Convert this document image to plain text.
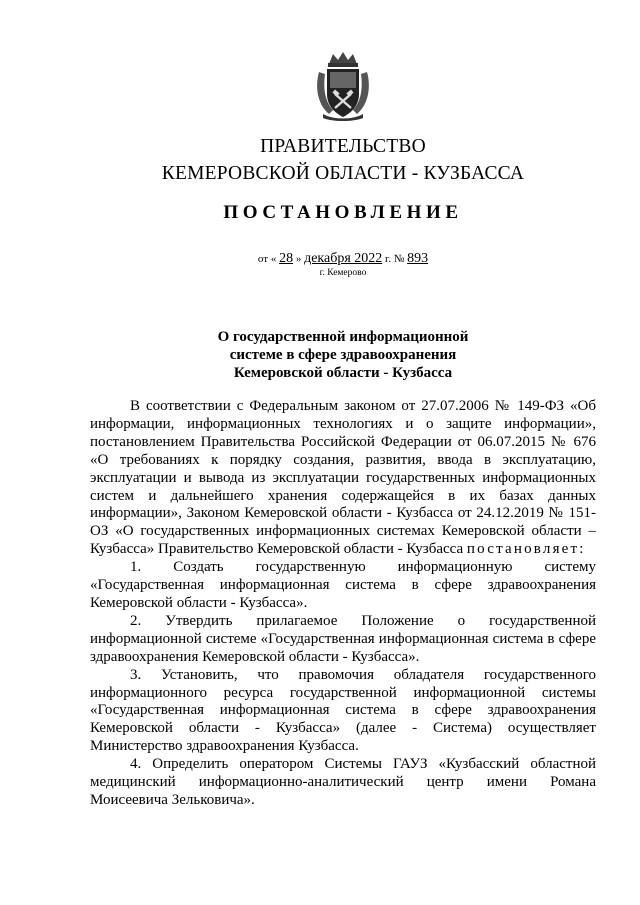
ПРАВИТЕЛЬСТВО
КЕМЕРОВСКОЙ ОБЛАСТИ - КУЗБАССА
ПОСТАНОВЛЕНИЕ
от « 28 » декабря 2022 г. № 893
г. Кемерово
О государственной информационной
системе в сфере здравоохранения
Кемеровской области - Кузбасса

В соответствии с Федеральным законом от 27.07.2006 № 149-ФЗ «Об информации, информационных технологиях и о защите информации», постановлением Правительства Российской Федерации от 06.07.2015 № 676 «О требованиях к порядку создания, развития, ввода в эксплуатацию, эксплуатации и вывода из эксплуатации государственных информационных систем и дальнейшего хранения содержащейся в их базах данных информации», Законом Кемеровской области - Кузбасса от 24.12.2019 № 151-ОЗ «О государственных информационных системах Кемеровской области – Кузбасса» Правительство Кемеровской области - Кузбасса постановляет:

1. Создать государственную информационную систему «Государственная информационная система в сфере здравоохранения Кемеровской области - Кузбасса».

2. Утвердить прилагаемое Положение о государственной информационной системе «Государственная информационная система в сфере здравоохранения Кемеровской области - Кузбасса».

3. Установить, что правомочия обладателя государственного информационного ресурса государственной информационной системы «Государственная информационная система в сфере здравоохранения Кемеровской области - Кузбасса» (далее - Система) осуществляет Министерство здравоохранения Кузбасса.

4. Определить оператором Системы ГАУЗ «Кузбасский областной медицинский информационно-аналитический центр имени Романа Моисеевича Зельковича».
